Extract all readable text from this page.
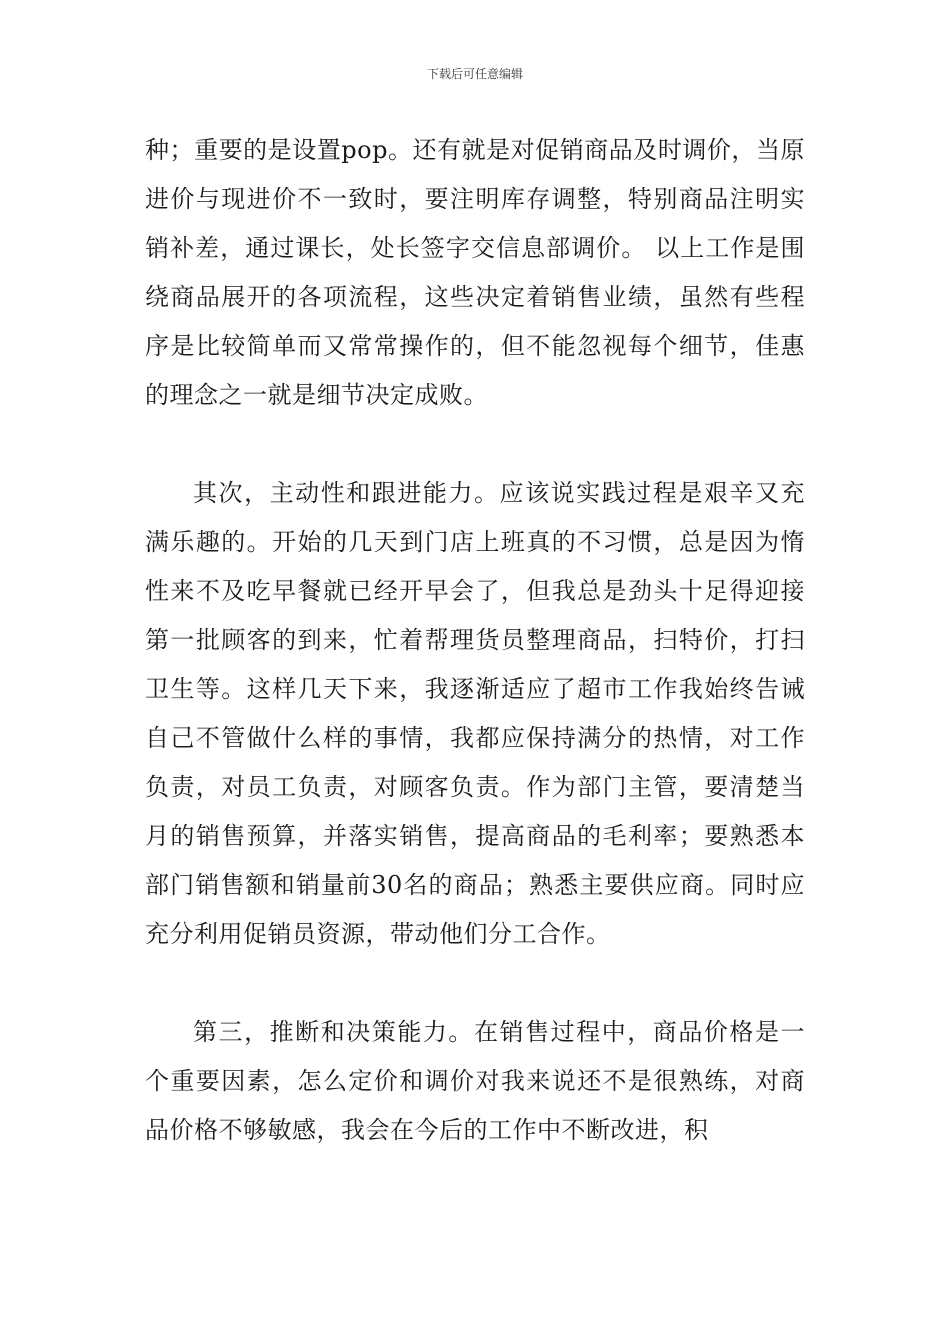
下载后可任意编辑

种；重要的是设置pop。还有就是对促销商品及时调价，当原进价与现进价不一致时，要注明库存调整，特别商品注明实销补差，通过课长，处长签字交信息部调价。 以上工作是围绕商品展开的各项流程，这些决定着销售业绩，虽然有些程序是比较简单而又常常操作的，但不能忽视每个细节，佳惠的理念之一就是细节决定成败。

其次，主动性和跟进能力。应该说实践过程是艰辛又充满乐趣的。开始的几天到门店上班真的不习惯，总是因为惰性来不及吃早餐就已经开早会了，但我总是劲头十足得迎接第一批顾客的到来，忙着帮理货员整理商品，扫特价，打扫卫生等。这样几天下来，我逐渐适应了超市工作我始终告诫自己不管做什么样的事情，我都应保持满分的热情，对工作负责，对员工负责，对顾客负责。作为部门主管，要清楚当月的销售预算，并落实销售，提高商品的毛利率；要熟悉本部门销售额和销量前30名的商品；熟悉主要供应商。同时应充分利用促销员资源，带动他们分工合作。

第三，推断和决策能力。在销售过程中，商品价格是一个重要因素，怎么定价和调价对我来说还不是很熟练，对商品价格不够敏感，我会在今后的工作中不断改进，积
